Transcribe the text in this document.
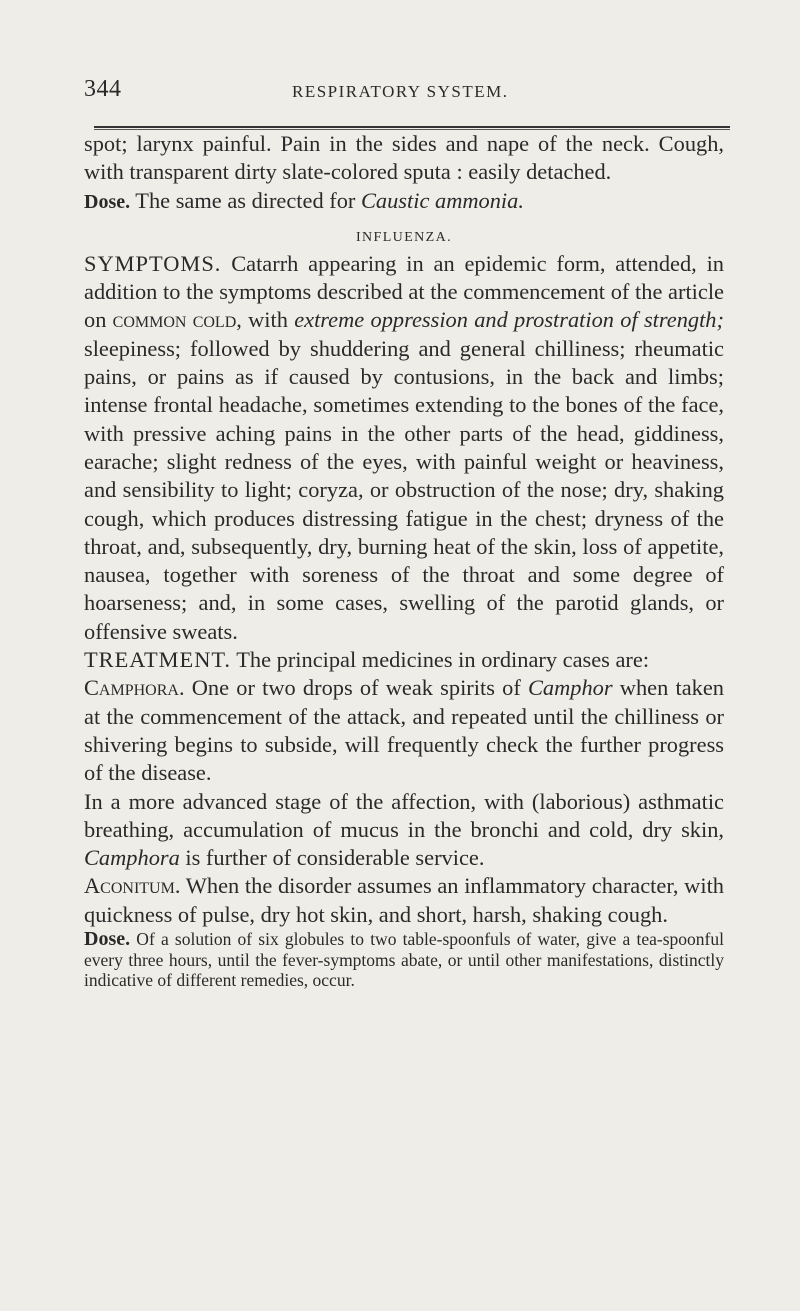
344	RESPIRATORY SYSTEM.

spot; larynx painful. Pain in the sides and nape of the neck. Cough, with transparent dirty slate-colored sputa : easily detached.

Dose. The same as directed for Caustic ammonia.

INFLUENZA.

SYMPTOMS. Catarrh appearing in an epidemic form, attended, in addition to the symptoms described at the commencement of the article on common cold, with extreme oppression and prostration of strength; sleepiness; followed by shuddering and general chilliness; rheumatic pains, or pains as if caused by contusions, in the back and limbs; intense frontal headache, sometimes extending to the bones of the face, with pressive aching pains in the other parts of the head, giddiness, earache; slight redness of the eyes, with painful weight or heaviness, and sensibility to light; coryza, or obstruction of the nose; dry, shaking cough, which produces distressing fatigue in the chest; dryness of the throat, and, subsequently, dry, burning heat of the skin, loss of appetite, nausea, together with soreness of the throat and some degree of hoarseness; and, in some cases, swelling of the parotid glands, or offensive sweats.

TREATMENT. The principal medicines in ordinary cases are:

Camphora. One or two drops of weak spirits of Camphor when taken at the commencement of the attack, and repeated until the chilliness or shivering begins to subside, will frequently check the further progress of the disease.

In a more advanced stage of the affection, with (laborious) asthmatic breathing, accumulation of mucus in the bronchi and cold, dry skin, Camphora is further of considerable service.

Aconitum. When the disorder assumes an inflammatory character, with quickness of pulse, dry hot skin, and short, harsh, shaking cough.

Dose. Of a solution of six globules to two table-spoonfuls of water, give a tea-spoonful every three hours, until the fever-symptoms abate, or until other manifestations, distinctly indicative of different remedies, occur.
